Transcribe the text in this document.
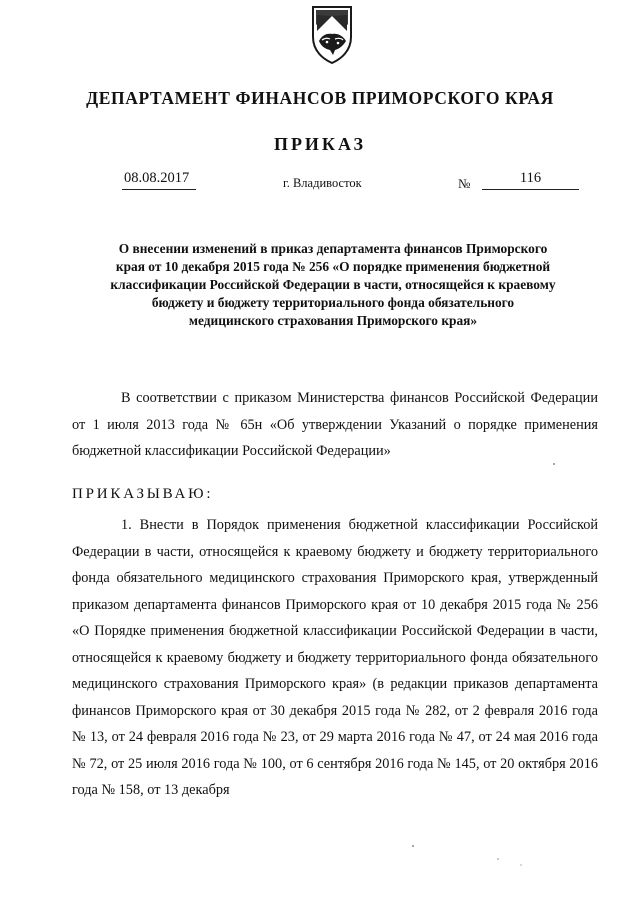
ДЕПАРТАМЕНТ ФИНАНСОВ ПРИМОРСКОГО КРАЯ
ПРИКАЗ
08.08.2017	г. Владивосток	№	116
О внесении изменений в приказ департамента финансов Приморского края от 10 декабря 2015 года № 256 «О порядке применения бюджетной классификации Российской Федерации в части, относящейся к краевому бюджету и бюджету территориального фонда обязательного медицинского страхования Приморского края»
В соответствии с приказом Министерства финансов Российской Федерации от 1 июля 2013 года № 65н «Об утверждении Указаний о порядке применения бюджетной классификации Российской Федерации»
ПРИКАЗЫВАЮ:
1. Внести в Порядок применения бюджетной классификации Российской Федерации в части, относящейся к краевому бюджету и бюджету территориального фонда обязательного медицинского страхования Приморского края, утвержденный приказом департамента финансов Приморского края от 10 декабря 2015 года № 256 «О Порядке применения бюджетной классификации Российской Федерации в части, относящейся к краевому бюджету и бюджету территориального фонда обязательного медицинского страхования Приморского края» (в редакции приказов департамента финансов Приморского края от 30 декабря 2015 года № 282, от 2 февраля 2016 года № 13, от 24 февраля 2016 года № 23, от 29 марта 2016 года № 47, от 24 мая 2016 года № 72, от 25 июля 2016 года № 100, от 6 сентября 2016 года № 145, от 20 октября 2016 года № 158, от 13 декабря
